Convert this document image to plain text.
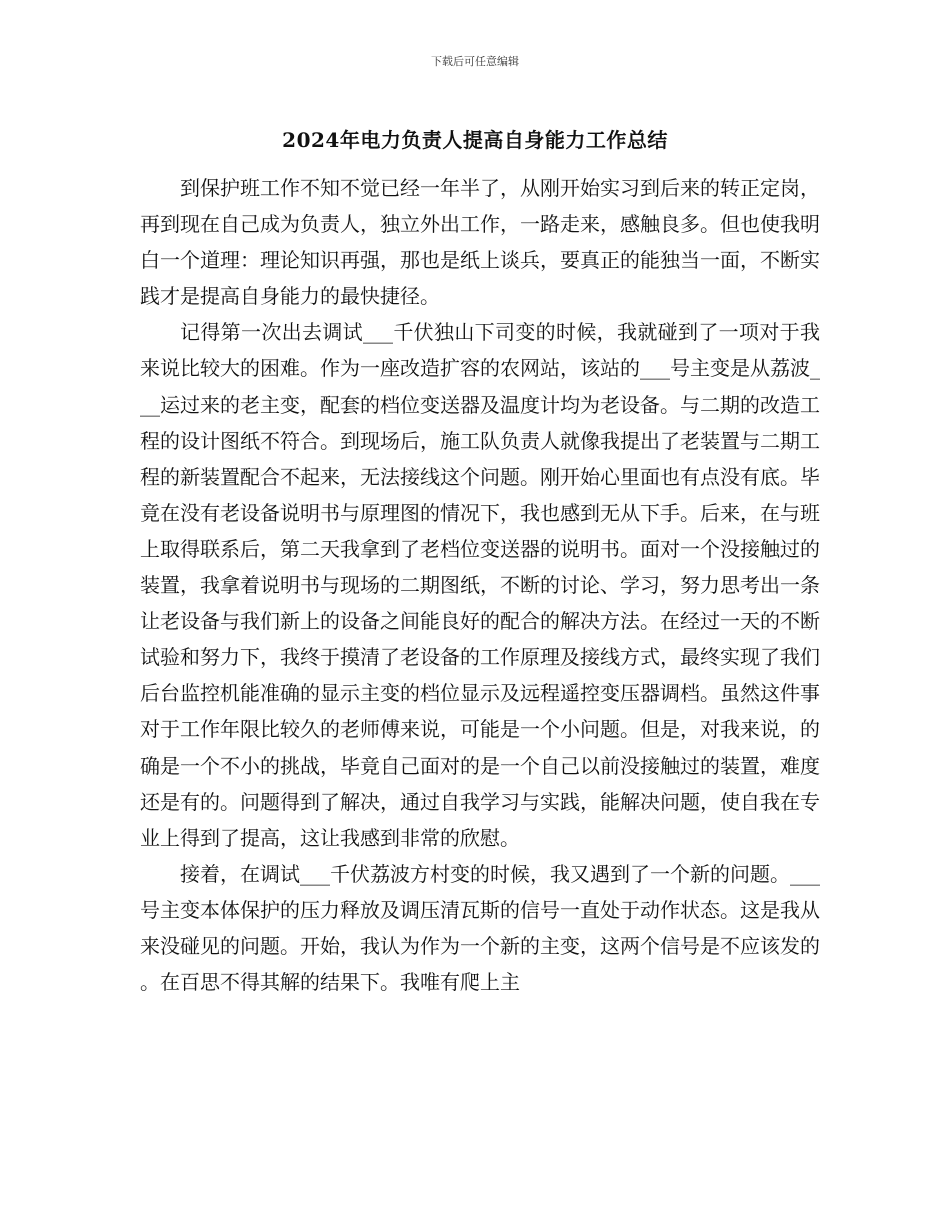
下载后可任意编辑
2024年电力负责人提高自身能力工作总结

到保护班工作不知不觉已经一年半了，从刚开始实习到后来的转正定岗，再到现在自己成为负责人，独立外出工作，一路走来，感触良多。但也使我明白一个道理：理论知识再强，那也是纸上谈兵，要真正的能独当一面，不断实践才是提高自身能力的最快捷径。

记得第一次出去调试___千伏独山下司变的时候，我就碰到了一项对于我来说比较大的困难。作为一座改造扩容的农网站，该站的___号主变是从荔波___运过来的老主变，配套的档位变送器及温度计均为老设备。与二期的改造工程的设计图纸不符合。到现场后，施工队负责人就像我提出了老装置与二期工程的新装置配合不起来，无法接线这个问题。刚开始心里面也有点没有底。毕竟在没有老设备说明书与原理图的情况下，我也感到无从下手。后来，在与班上取得联系后，第二天我拿到了老档位变送器的说明书。面对一个没接触过的装置，我拿着说明书与现场的二期图纸，不断的讨论、学习，努力思考出一条让老设备与我们新上的设备之间能良好的配合的解决方法。在经过一天的不断试验和努力下，我终于摸清了老设备的工作原理及接线方式，最终实现了我们后台监控机能准确的显示主变的档位显示及远程遥控变压器调档。虽然这件事对于工作年限比较久的老师傅来说，可能是一个小问题。但是，对我来说，的确是一个不小的挑战，毕竟自己面对的是一个自己以前没接触过的装置，难度还是有的。问题得到了解决，通过自我学习与实践，能解决问题，使自我在专业上得到了提高，这让我感到非常的欣慰。

接着，在调试___千伏荔波方村变的时候，我又遇到了一个新的问题。___号主变本体保护的压力释放及调压清瓦斯的信号一直处于动作状态。这是我从来没碰见的问题。开始，我认为作为一个新的主变，这两个信号是不应该发的。在百思不得其解的结果下。我唯有爬上主
